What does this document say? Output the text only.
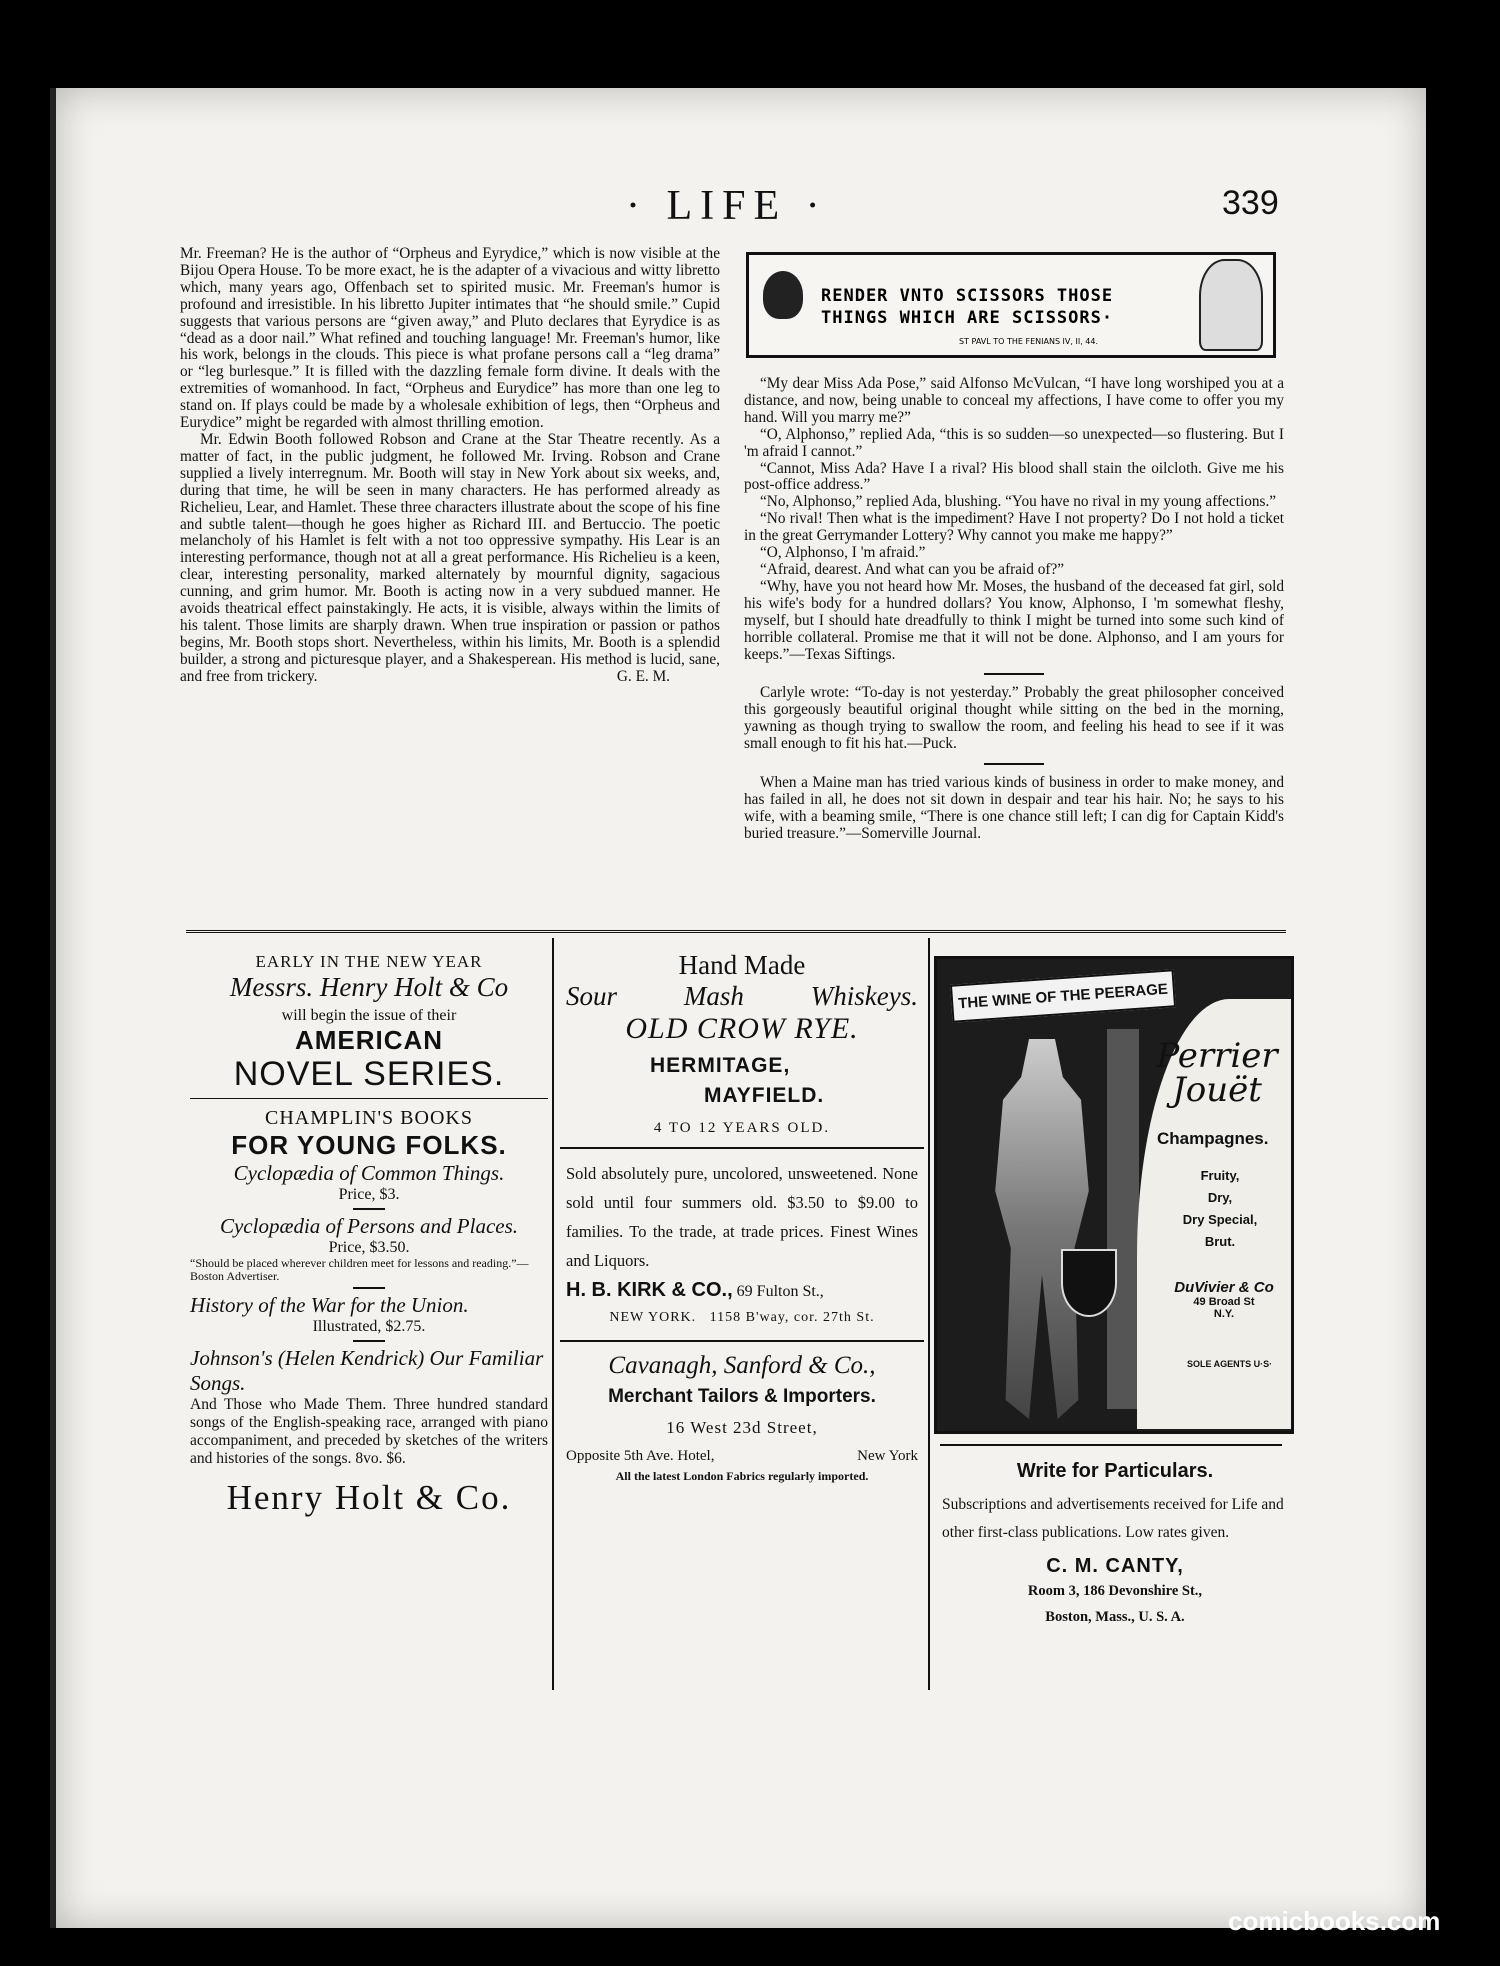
· LIFE ·	339

Mr. Freeman? He is the author of “Orpheus and Eyrydice,” which is now visible at the Bijou Opera House. To be more exact, he is the adapter of a vivacious and witty libretto which, many years ago, Offenbach set to spirited music. Mr. Freeman's humor is profound and irresistible. In his libretto Jupiter intimates that “he should smile.” Cupid suggests that various persons are “given away,” and Pluto declares that Eyrydice is as “dead as a door nail.” What refined and touching language! Mr. Freeman's humor, like his work, belongs in the clouds. This piece is what profane persons call a “leg drama” or “leg burlesque.” It is filled with the dazzling female form divine. It deals with the extremities of womanhood. In fact, “Orpheus and Eurydice” has more than one leg to stand on. If plays could be made by a wholesale exhibition of legs, then “Orpheus and Eurydice” might be regarded with almost thrilling emotion.

Mr. Edwin Booth followed Robson and Crane at the Star Theatre recently. As a matter of fact, in the public judgment, he followed Mr. Irving. Robson and Crane supplied a lively interregnum. Mr. Booth will stay in New York about six weeks, and, during that time, he will be seen in many characters. He has performed already as Richelieu, Lear, and Hamlet. These three characters illustrate about the scope of his fine and subtle talent—though he goes higher as Richard III. and Bertuccio. The poetic melancholy of his Hamlet is felt with a not too oppressive sympathy. His Lear is an interesting performance, though not at all a great performance. His Richelieu is a keen, clear, interesting personality, marked alternately by mournful dignity, sagacious cunning, and grim humor. Mr. Booth is acting now in a very subdued manner. He avoids theatrical effect painstakingly. He acts, it is visible, always within the limits of his talent. Those limits are sharply drawn. When true inspiration or passion or pathos begins, Mr. Booth stops short. Nevertheless, within his limits, Mr. Booth is a splendid builder, a strong and picturesque player, and a Shakesperean. His method is lucid, sane, and free from trickery.	G. E. M.
RENDER VNTO SCISSORS THOSE
THINGS WHICH ARE SCISSORS·
ST PAVL TO THE FENIANS IV, II, 44.

“My dear Miss Ada Pose,” said Alfonso McVulcan, “I have long worshiped you at a distance, and now, being unable to conceal my affections, I have come to offer you my hand. Will you marry me?”

“O, Alphonso,” replied Ada, “this is so sudden—so unexpected—so flustering. But I 'm afraid I cannot.”

“Cannot, Miss Ada? Have I a rival? His blood shall stain the oilcloth. Give me his post-office address.”

“No, Alphonso,” replied Ada, blushing. “You have no rival in my young affections.”

“No rival! Then what is the impediment? Have I not property? Do I not hold a ticket in the great Gerrymander Lottery? Why cannot you make me happy?”

“O, Alphonso, I 'm afraid.”

“Afraid, dearest. And what can you be afraid of?”

“Why, have you not heard how Mr. Moses, the husband of the deceased fat girl, sold his wife's body for a hundred dollars? You know, Alphonso, I 'm somewhat fleshy, myself, but I should hate dreadfully to think I might be turned into some such kind of horrible collateral. Promise me that it will not be done. Alphonso, and I am yours for keeps.”—Texas Siftings.

Carlyle wrote: “To-day is not yesterday.” Probably the great philosopher conceived this gorgeously beautiful original thought while sitting on the bed in the morning, yawning as though trying to swallow the room, and feeling his head to see if it was small enough to fit his hat.—Puck.

When a Maine man has tried various kinds of business in order to make money, and has failed in all, he does not sit down in despair and tear his hair. No; he says to his wife, with a beaming smile, “There is one chance still left; I can dig for Captain Kidd's buried treasure.”—Somerville Journal.

EARLY IN THE NEW YEAR
Messrs. Henry Holt & Co
will begin the issue of their
AMERICAN
NOVEL SERIES.
CHAMPLIN'S BOOKS
FOR YOUNG FOLKS.
Cyclopædia of Common Things.
Price, $3.
Cyclopædia of Persons and Places.
Price, $3.50.
“Should be placed wherever children meet for lessons and reading.”—Boston Advertiser.
History of the War for the Union.
Illustrated, $2.75.
Johnson's (Helen Kendrick) Our Familiar Songs.
And Those who Made Them. Three hundred standard songs of the English-speaking race, arranged with piano accompaniment, and preceded by sketches of the writers and histories of the songs. 8vo. $6.
Henry Holt & Co.
Hand Made
Sour Mash Whiskeys.
OLD CROW RYE.
HERMITAGE,
MAYFIELD.
4 TO 12 YEARS OLD.
Sold absolutely pure, uncolored, unsweetened. None sold until four summers old. $3.50 to $9.00 to families. To the trade, at trade prices. Finest Wines and Liquors.
H. B. KIRK & CO., 69 Fulton St.,
NEW YORK. 1158 B'way, cor. 27th St.
Cavanagh, Sanford & Co.,
Merchant Tailors & Importers.
16 West 23d Street,
Opposite 5th Ave. Hotel,	New York
All the latest London Fabrics regularly imported.
THE WINE OF THE PEERAGE
Perrier Jouët
Champagnes.
Fruity,
Dry,
Dry Special,
Brut.
DuVivier & Co
49 Broad St
N.Y.
SOLE AGENTS U·S·
Write for Particulars.
Subscriptions and advertisements received for Life and other first-class publications. Low rates given.
C. M. CANTY,
Room 3, 186 Devonshire St.,
Boston, Mass., U. S. A.
comicbooks.com
